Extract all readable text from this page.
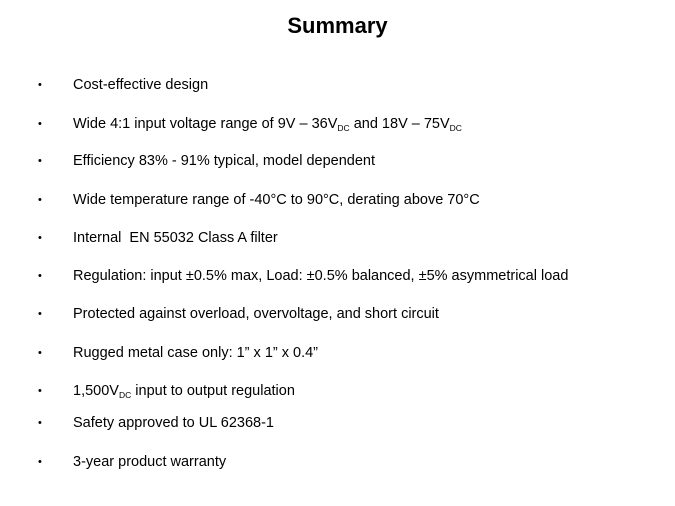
Summary
• Cost-effective design
• Wide 4:1 input voltage range of $9V - 36V_{DC}$ and $18V - 75V_{DC}$
• Efficiency 83% - 91% typical, model dependent
• Wide temperature range of -40°C to 90°C, derating above 70°C
• Internal  EN 55032 Class A filter
• Regulation: input ±0.5% max, Load: ±0.5% balanced, ±5% asymmetrical load
• Protected against overload, overvoltage, and short circuit
• Rugged metal case only: 1” x 1” x 0.4”
• $1,500V_{DC}$ input to output regulation
• Safety approved to UL 62368-1
• 3-year product warranty
